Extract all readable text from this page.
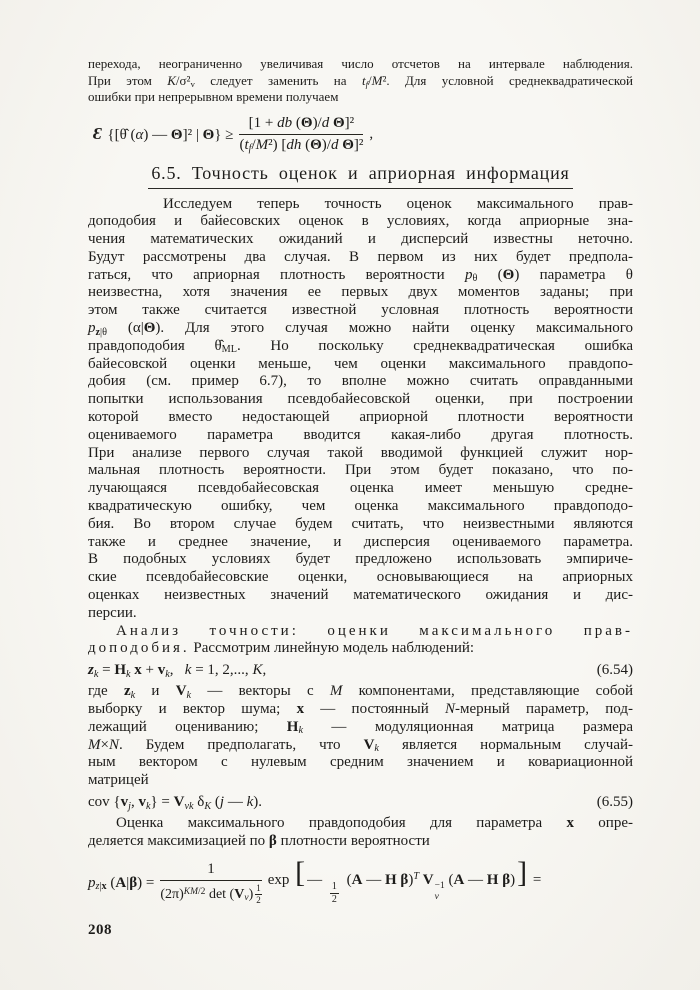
перехода, неограниченно увеличивая число отсчетов на интервале наблюдения.
При этом $K/\sigma^2_v$ следует заменить на $t_f/M^2$. Для условной среднеквадратической
ошибки при непрерывном времени получаем
Ɛ {[θ̂ (α) — Θ]² | $\Theta\} \ge \frac{\text{[1 + db (Θ)/d Θ]²}}{(t_f/M^2) [dh (\Theta)/d \Theta]^2}$ ,
6.5. Точность оценок и априорная информация
Исследуем теперь точность оценок максимального прав-
доподобия и байесовских оценок в условиях, когда априорные зна-
чения математических ожиданий и дисперсий известны неточно.
Будут рассмотрены два случая. В первом из них будет предпола-
гаться, что априорная плотность вероятности $p_\theta$ (Θ) параметра θ
неизвестна, хотя значения ее первых двух моментов заданы; при
этом также считается известной условная плотность вероятности
$p_{z|\theta}$ (α|Θ). Для этого случая можно найти оценку максимального
правдоподобия $\thetâ_{ML}$. Но поскольку среднеквадратическая ошибка
байесовской оценки меньше, чем оценки максимального правдопо-
добия (см. пример 6.7), то вполне можно считать оправданными
попытки использования псевдобайесовской оценки, при построении
которой вместо недостающей априорной плотности вероятности
оцениваемого параметра вводится какая-либо другая плотность.
При анализе первого случая такой вводимой функцией служит нор-
мальная плотность вероятности. При этом будет показано, что по-
лучающаяся псевдобайесовская оценка имеет меньшую средне-
квадратическую ошибку, чем оценка максимального правдоподо-
бия. Во втором случае будем считать, что неизвестными являются
также и среднее значение, и дисперсия оцениваемого параметра.
В подобных условиях будет предложено использовать эмпириче-
ские псевдобайесовские оценки, основывающиеся на априорных
оценках неизвестных значений математического ожидания и дис-
персии.
Анализ точности: оценки максимального прав-
доподобия. Рассмотрим линейную модель наблюдений:
$z_k = H_k$ $x + v_k$,   k = 1, 2,..., K,	(6.54)
где $z_k$ и $V_k$ — векторы с M компонентами, представляющие собой
выборку и вектор шума; x — постоянный N-мерный параметр, под-
лежащий оцениванию; $H_k$ — модуляционная матрица размера
M×N. Будем предполагать, что $V_k$ является нормальным случай-
ным вектором с нулевым средним значением и ковариационной
матрицей
cov {$v_j$, $v_k\} = V_{vk}$ $\delta_K$ (j — k).	(6.55)
Оценка максимального правдоподобия для параметра x опре-
деляется максимизацией по β плотности вероятности
$p_{z|x}$ $(A|\beta) = \frac{1}{(2\pi)^{KM/2} \det (V_v) \frac{1}{2}}$ exp [ —
$\frac{1}{2}$
(A — H β)$^T$ V −1
v
(A — H β)] =
208
